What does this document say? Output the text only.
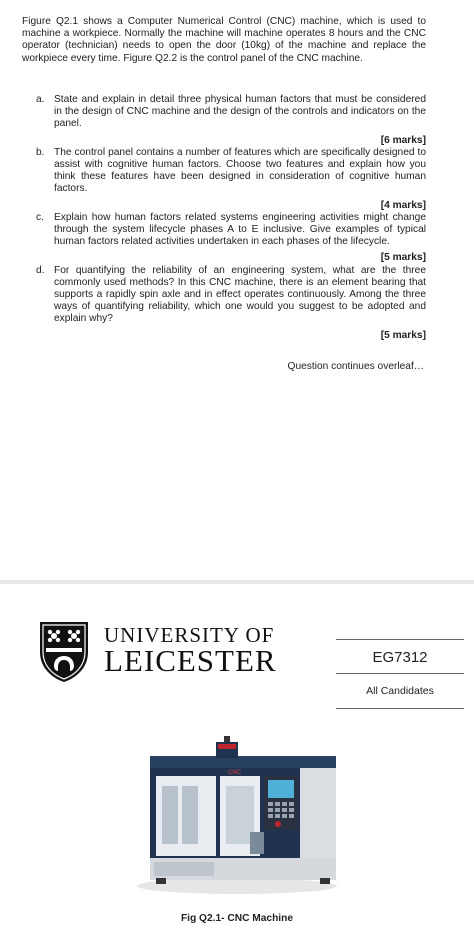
Figure Q2.1 shows a Computer Numerical Control (CNC) machine, which is used to machine a workpiece. Normally the machine will machine operates 8 hours and the CNC operator (technician) needs to open the door (10kg) of the machine and replace the workpiece every time. Figure Q2.2 is the control panel of the CNC machine.
a. State and explain in detail three physical human factors that must be considered in the design of CNC machine and the design of the controls and indicators on the panel.
[6 marks]
b. The control panel contains a number of features which are specifically designed to assist with cognitive human factors. Choose two features and explain how you think these features have been designed in consideration of cognitive human factors.
[4 marks]
c. Explain how human factors related systems engineering activities might change through the system lifecycle phases A to E inclusive. Give examples of typical human factors related activities undertaken in each phases of the lifecycle.
[5 marks]
d. For quantifying the reliability of an engineering system, what are the three commonly used methods? In this CNC machine, there is an element bearing that supports a rapidly spin axle and in effect operates continuously. Among the three ways of quantifying reliability, which one would you suggest to be adopted and explain why?
[5 marks]
Question continues overleaf…
UNIVERSITY OF
LEICESTER	EG7312
All Candidates
CNC
Fig Q2.1- CNC Machine
